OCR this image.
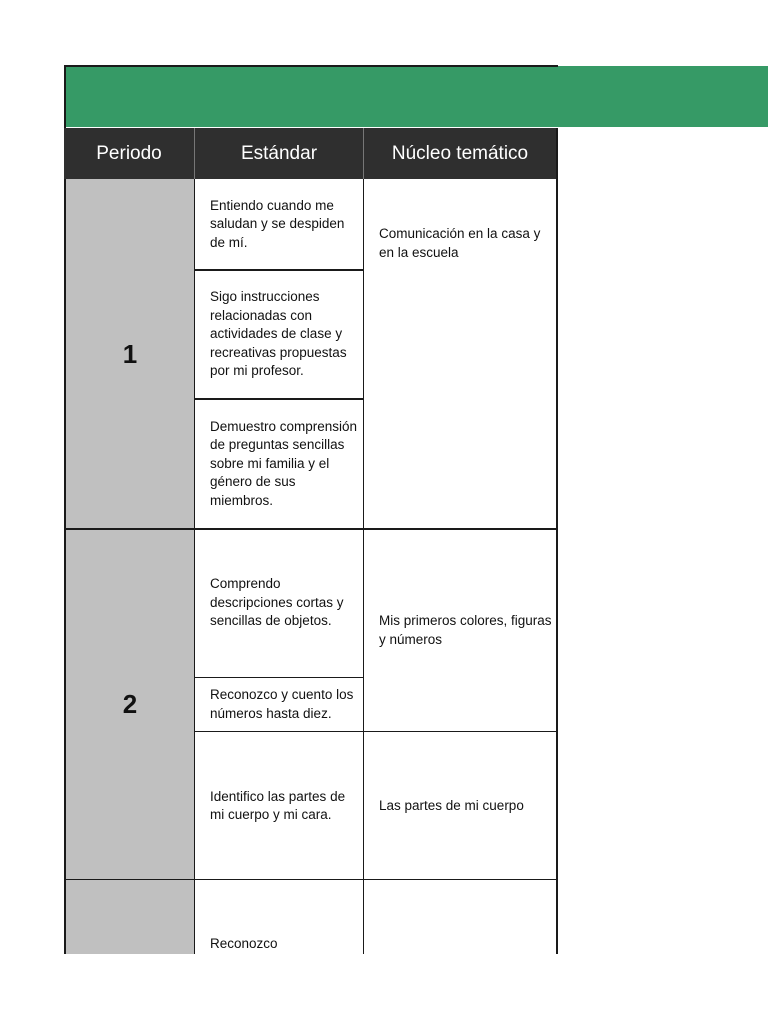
Periodo	Estándar	Núcleo temático
1
Entiendo cuando me saludan y se despiden de mí.
Sigo instrucciones relacionadas con actividades de clase y recreativas propuestas por mi profesor.
Demuestro comprensión de preguntas sencillas sobre mi familia y el género de sus miembros.
Comunicación en la casa y en la escuela
2
Comprendo descripciones cortas y sencillas de objetos.
Reconozco y cuento los números hasta diez.
Identifico las partes de mi cuerpo y mi cara.
Mis primeros colores, figuras y números
Las partes de mi cuerpo
Reconozco
